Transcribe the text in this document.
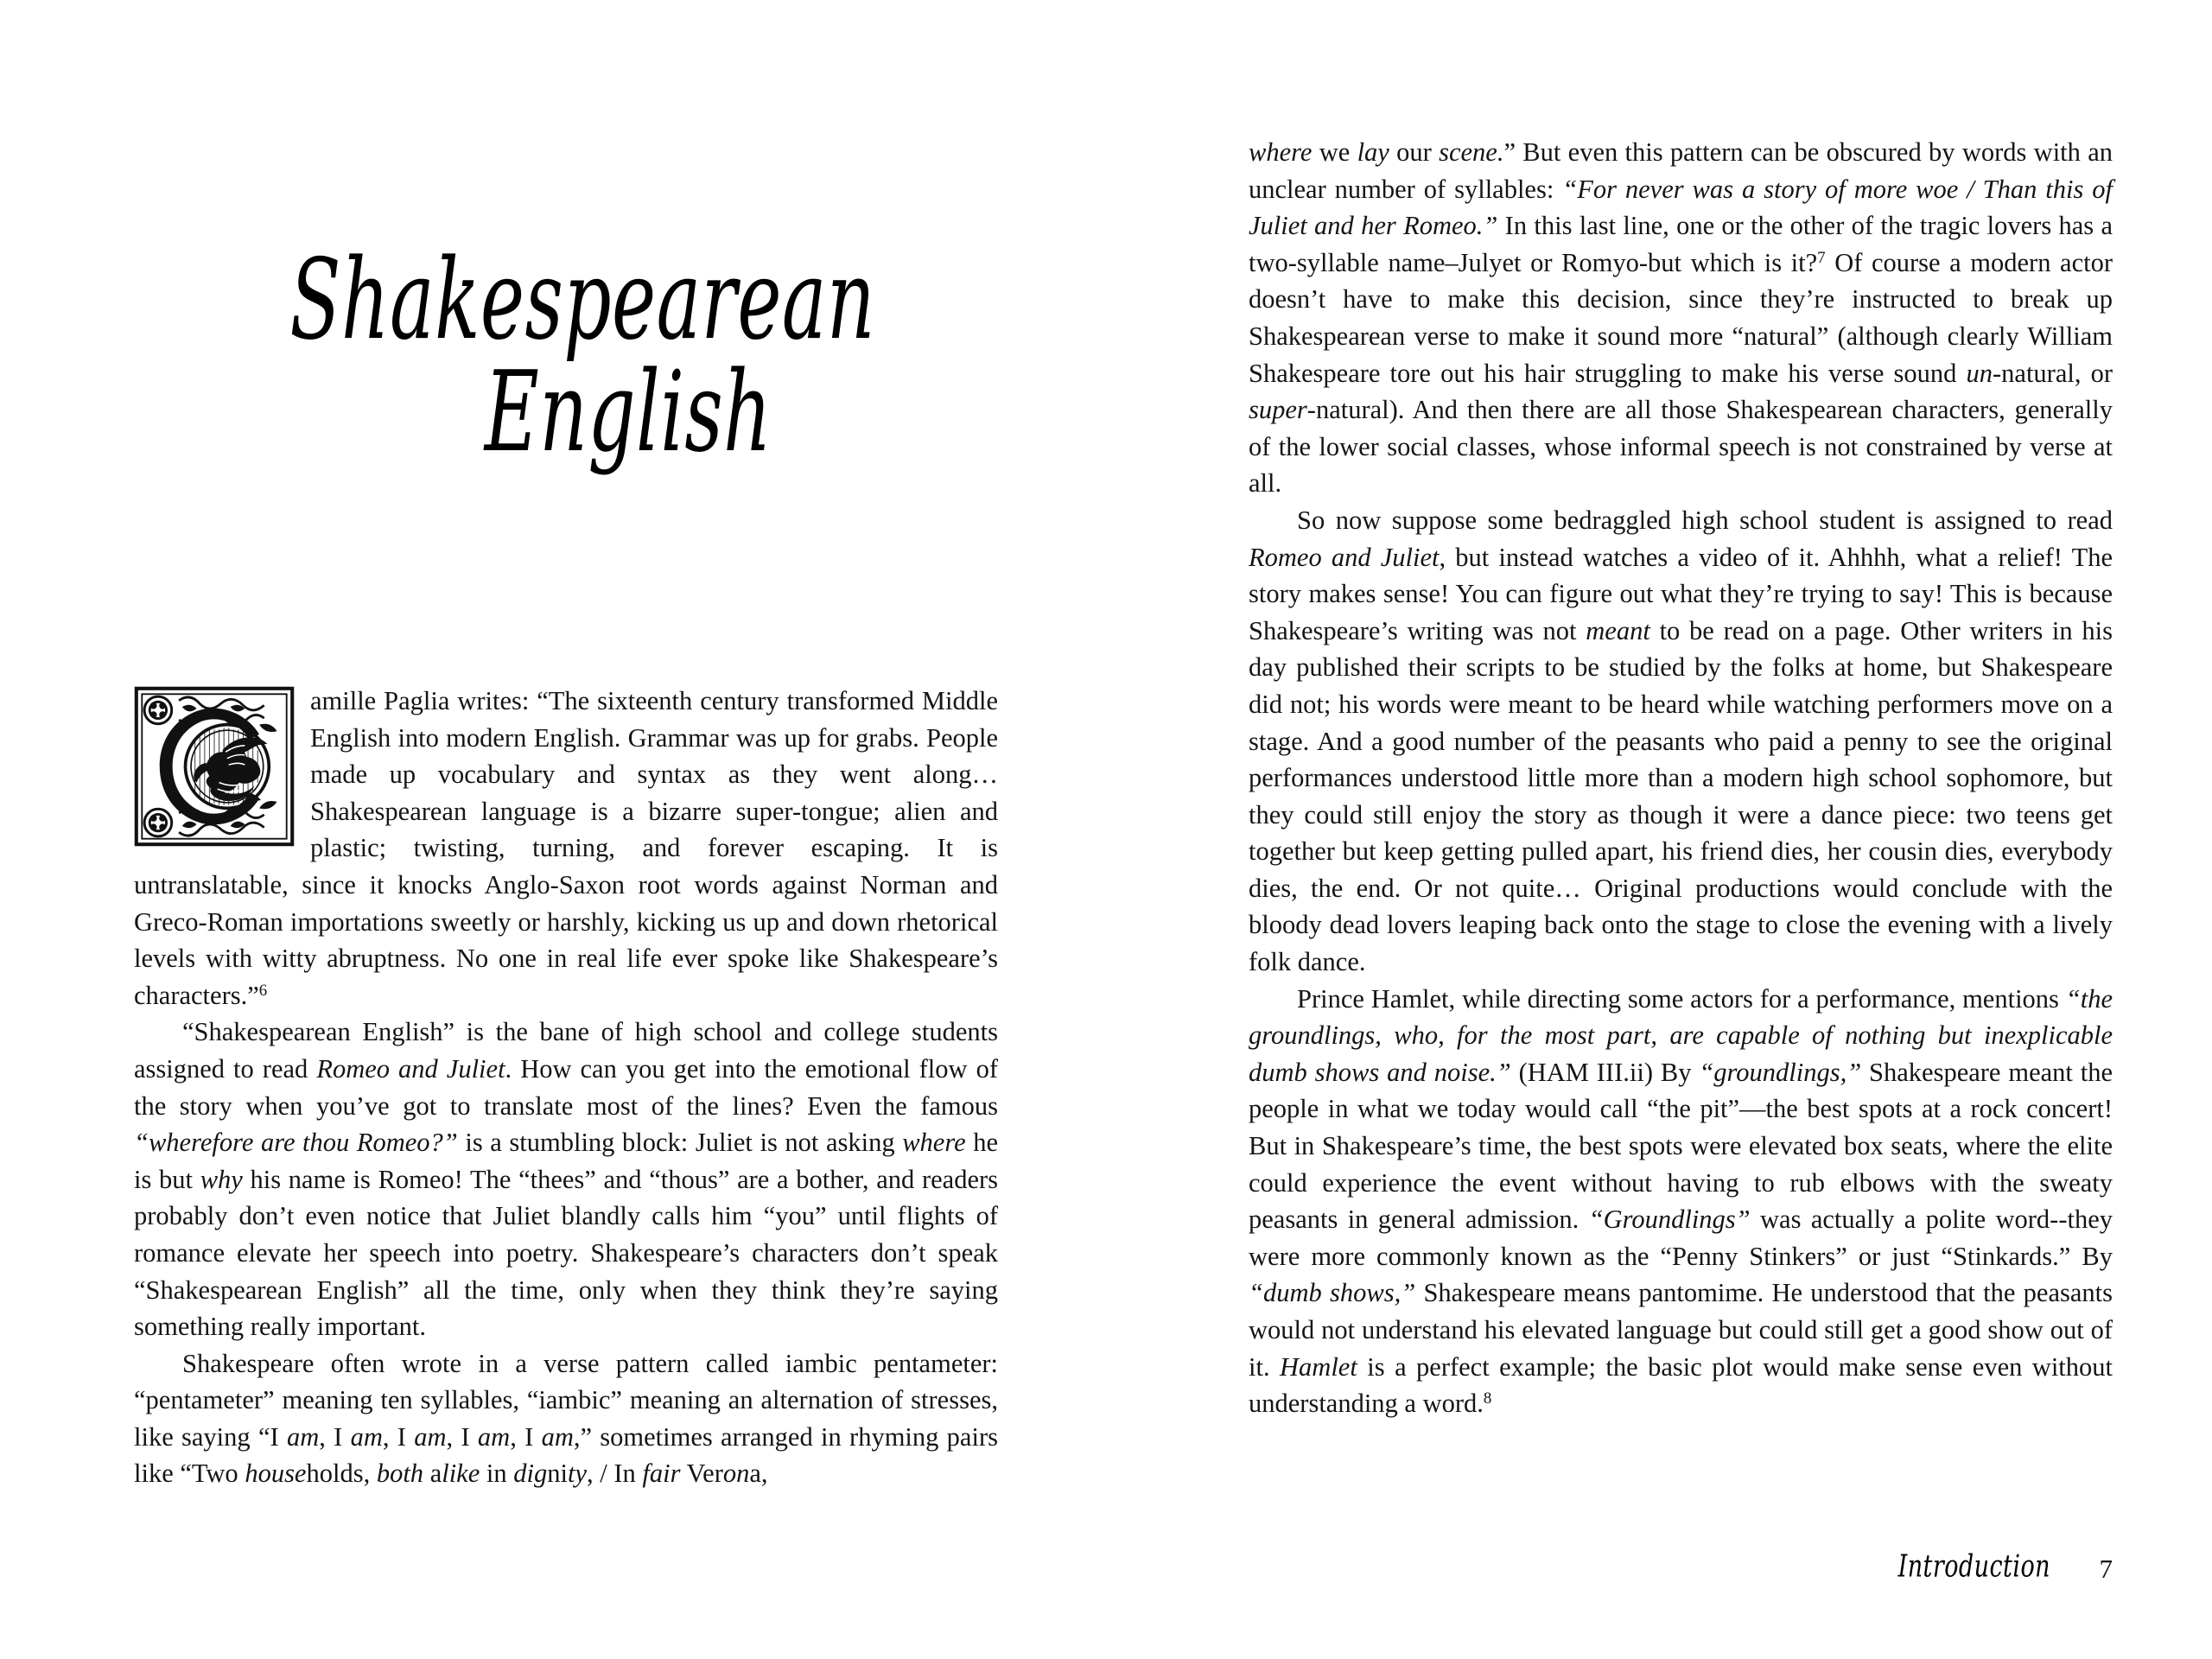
Shakespearean
English

amille Paglia writes: “The sixteenth century transformed Middle English into modern English. Grammar was up for grabs. People made up vocabulary and syntax as they went along… Shakespearean language is a bizarre super-tongue; alien and plastic; twisting, turning, and forever escaping. It is untranslatable, since it knocks Anglo-Saxon root words against Norman and Greco-Roman importations sweetly or harshly, kicking us up and down rhetorical levels with witty abruptness. No one in real life ever spoke like Shakespeare’s characters.”$^6$

“Shakespearean English” is the bane of high school and college students assigned to read Romeo and Juliet. How can you get into the emotional flow of the story when you’ve got to translate most of the lines? Even the famous “wherefore are thou Romeo?” is a stumbling block: Juliet is not asking where he is but why his name is Romeo! The “thees” and “thous” are a bother, and readers probably don’t even notice that Juliet blandly calls him “you” until flights of romance elevate her speech into poetry. Shakespeare’s characters don’t speak “Shakespearean English” all the time, only when they think they’re saying something really important.

Shakespeare often wrote in a verse pattern called iambic pentameter: “pentameter” meaning ten syllables, “iambic” meaning an alternation of stresses, like saying “I am, I am, I am, I am, I am,” sometimes arranged in rhyming pairs like “Two households, both alike in dignity, / In fair Verona,

where we lay our scene.” But even this pattern can be obscured by words with an unclear number of syllables: “For never was a story of more woe / Than this of Juliet and her Romeo.” In this last line, one or the other of the tragic lovers has a two-syllable name–Julyet or Romyo-but which is it?$^7$ Of course a modern actor doesn’t have to make this decision, since they’re instructed to break up Shakespearean verse to make it sound more “natural” (although clearly William Shakespeare tore out his hair struggling to make his verse sound un-natural, or super-natural). And then there are all those Shakespearean characters, generally of the lower social classes, whose informal speech is not constrained by verse at all.

So now suppose some bedraggled high school student is assigned to read Romeo and Juliet, but instead watches a video of it. Ahhhh, what a relief! The story makes sense! You can figure out what they’re trying to say! This is because Shakespeare’s writing was not meant to be read on a page. Other writers in his day published their scripts to be studied by the folks at home, but Shakespeare did not; his words were meant to be heard while watching performers move on a stage. And a good number of the peasants who paid a penny to see the original performances understood little more than a modern high school sophomore, but they could still enjoy the story as though it were a dance piece: two teens get together but keep getting pulled apart, his friend dies, her cousin dies, everybody dies, the end. Or not quite… Original productions would conclude with the bloody dead lovers leaping back onto the stage to close the evening with a lively folk dance.

Prince Hamlet, while directing some actors for a performance, mentions “the groundlings, who, for the most part, are capable of nothing but inexplicable dumb shows and noise.” (HAM III.ii) By “groundlings,” Shakespeare meant the people in what we today would call “the pit”—the best spots at a rock concert! But in Shakespeare’s time, the best spots were elevated box seats, where the elite could experience the event without having to rub elbows with the sweaty peasants in general admission. “Groundlings” was actually a polite word--they were more commonly known as the “Penny Stinkers” or just “Stinkards.” By “dumb shows,” Shakespeare means pantomime. He understood that the peasants would not understand his elevated language but could still get a good show out of it. Hamlet is a perfect example; the basic plot would make sense even without understanding a word.$^8$

Introduction	7
